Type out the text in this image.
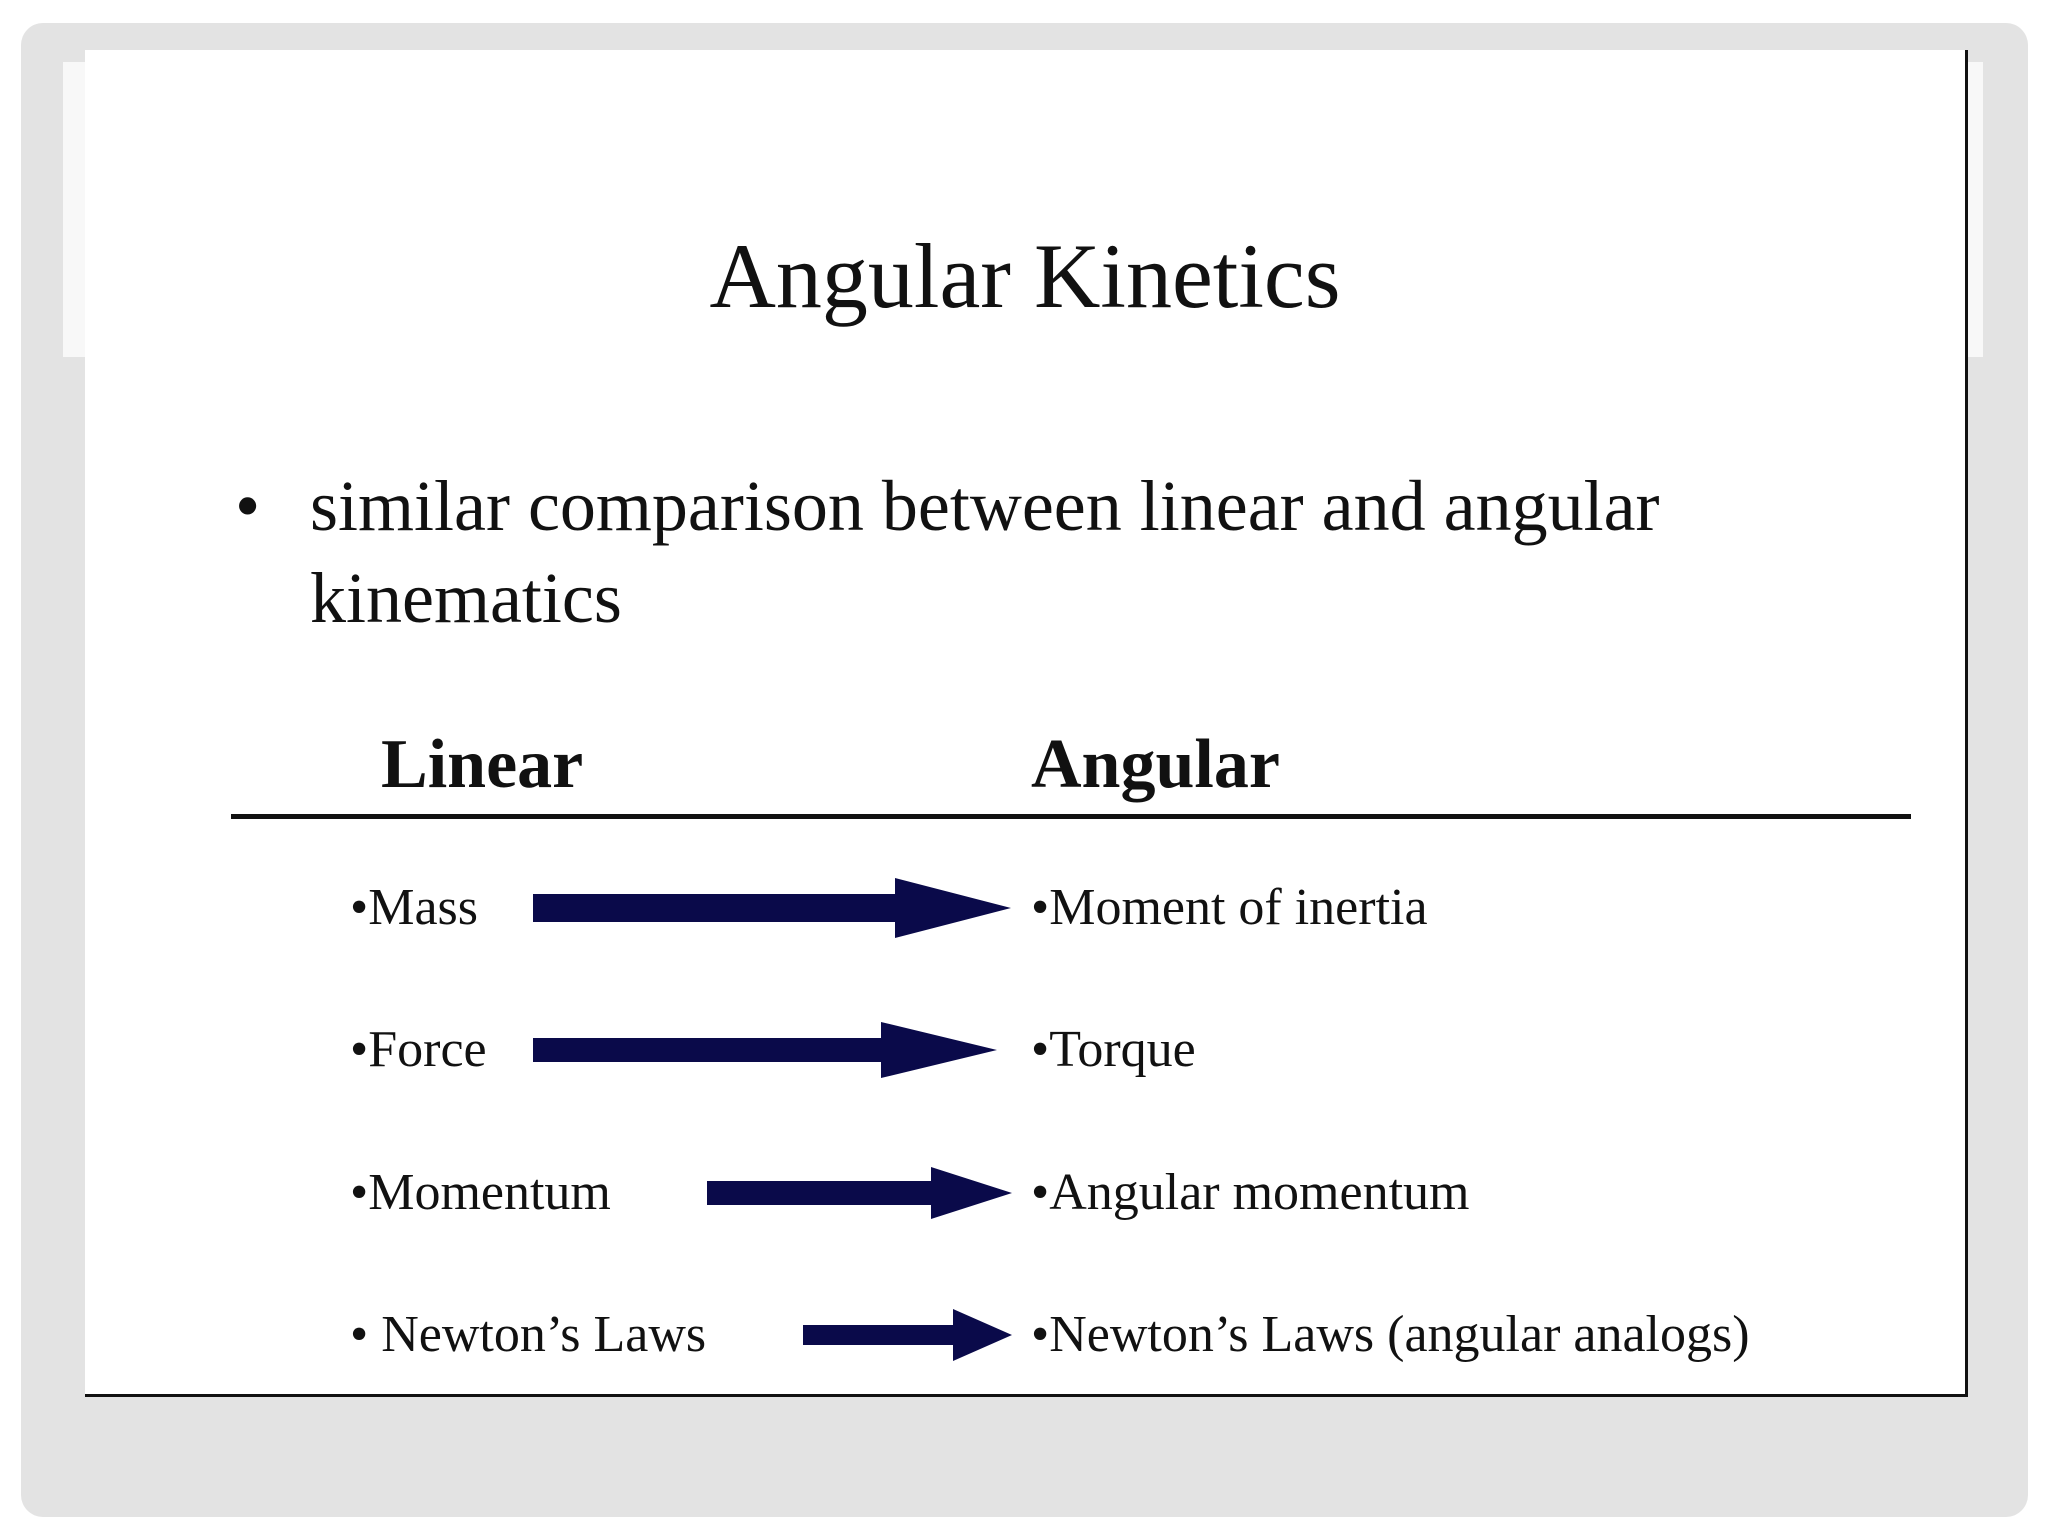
Angular Kinetics
• similar comparison between linear and angular kinematics
Linear	Angular
•Mass	•Moment of inertia
•Force	•Torque
•Momentum	•Angular momentum
• Newton’s Laws	•Newton’s Laws (angular analogs)
